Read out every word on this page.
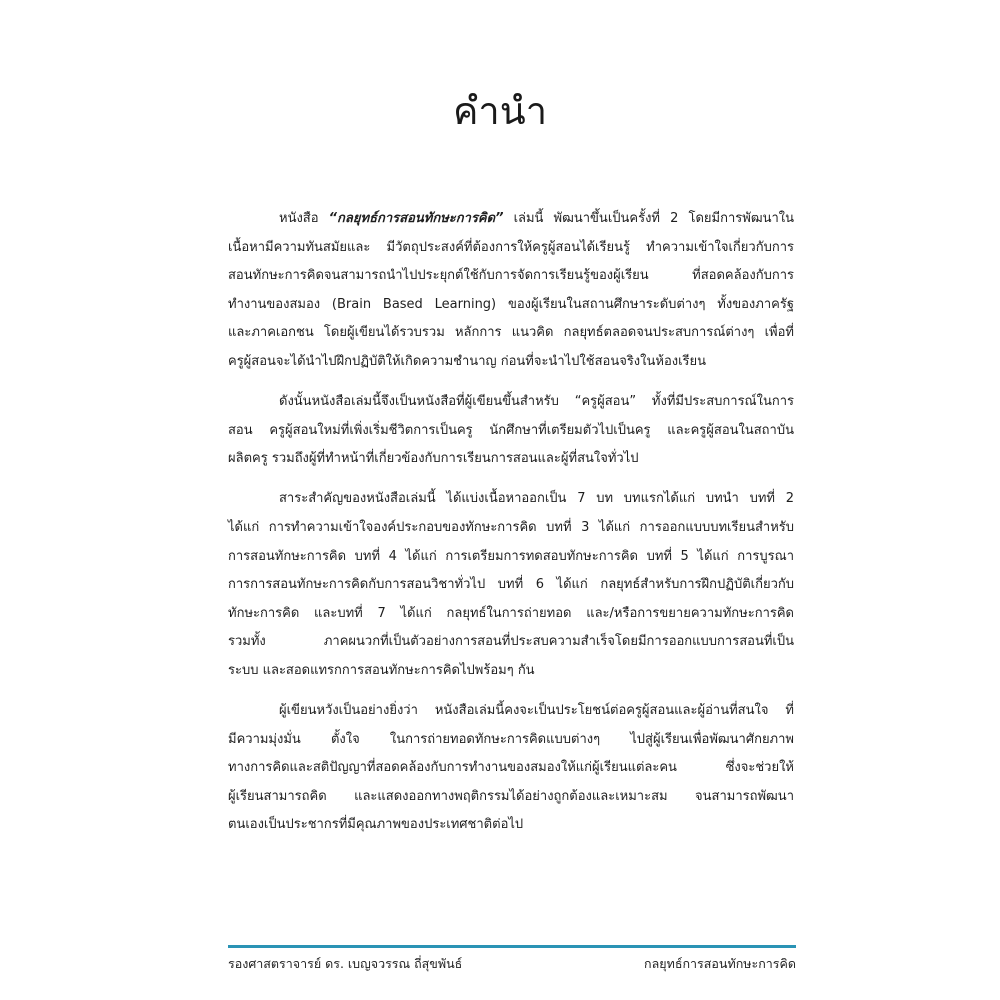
คำนำ

หนังสือ “กลยุทธ์การสอนทักษะการคิด” เล่มนี้ พัฒนาขึ้นเป็นครั้งที่ 2 โดยมีการพัฒนาใน
เนื้อหามีความทันสมัยและ มีวัตถุประสงค์ที่ต้องการให้ครูผู้สอนได้เรียนรู้ ทำความเข้าใจเกี่ยวกับการ
สอนทักษะการคิดจนสามารถนำไปประยุกต์ใช้กับการจัดการเรียนรู้ของผู้เรียน ที่สอดคล้องกับการ
ทำงานของสมอง (Brain Based Learning) ของผู้เรียนในสถานศึกษาระดับต่างๆ ทั้งของภาครัฐ
และภาคเอกชน โดยผู้เขียนได้รวบรวม หลักการ แนวคิด กลยุทธ์ตลอดจนประสบการณ์ต่างๆ เพื่อที่
ครูผู้สอนจะได้นำไปฝึกปฏิบัติให้เกิดความชำนาญ ก่อนที่จะนำไปใช้สอนจริงในห้องเรียน

ดังนั้นหนังสือเล่มนี้จึงเป็นหนังสือที่ผู้เขียนขึ้นสำหรับ “ครูผู้สอน” ทั้งที่มีประสบการณ์ในการ
สอน ครูผู้สอนใหม่ที่เพิ่งเริ่มชีวิตการเป็นครู นักศึกษาที่เตรียมตัวไปเป็นครู และครูผู้สอนในสถาบัน
ผลิตครู รวมถึงผู้ที่ทำหน้าที่เกี่ยวข้องกับการเรียนการสอนและผู้ที่สนใจทั่วไป

สาระสำคัญของหนังสือเล่มนี้ ได้แบ่งเนื้อหาออกเป็น 7 บท บทแรกได้แก่ บทนำ บทที่ 2
ได้แก่ การทำความเข้าใจองค์ประกอบของทักษะการคิด บทที่ 3 ได้แก่ การออกแบบบทเรียนสำหรับ
การสอนทักษะการคิด บทที่ 4 ได้แก่ การเตรียมการทดสอบทักษะการคิด บทที่ 5 ได้แก่ การบูรณา
การการสอนทักษะการคิดกับการสอนวิชาทั่วไป บทที่ 6 ได้แก่ กลยุทธ์สำหรับการฝึกปฏิบัติเกี่ยวกับ
ทักษะการคิด และบทที่ 7 ได้แก่ กลยุทธ์ในการถ่ายทอด และ/หรือการขยายความทักษะการคิด
รวมทั้ง ภาคผนวกที่เป็นตัวอย่างการสอนที่ประสบความสำเร็จโดยมีการออกแบบการสอนที่เป็น
ระบบ และสอดแทรกการสอนทักษะการคิดไปพร้อมๆ กัน

ผู้เขียนหวังเป็นอย่างยิ่งว่า หนังสือเล่มนี้คงจะเป็นประโยชน์ต่อครูผู้สอนและผู้อ่านที่สนใจ ที่
มีความมุ่งมั่น ตั้งใจ ในการถ่ายทอดทักษะการคิดแบบต่างๆ ไปสู่ผู้เรียนเพื่อพัฒนาศักยภาพ
ทางการคิดและสติปัญญาที่สอดคล้องกับการทำงานของสมองให้แก่ผู้เรียนแต่ละคน ซึ่งจะช่วยให้
ผู้เรียนสามารถคิด และแสดงออกทางพฤติกรรมได้อย่างถูกต้องและเหมาะสม จนสามารถพัฒนา
ตนเองเป็นประชากรที่มีคุณภาพของประเทศชาติต่อไป

รองศาสตราจารย์ ดร. เบญจวรรณ ถี่สุขพันธ์	กลยุทธ์การสอนทักษะการคิด
